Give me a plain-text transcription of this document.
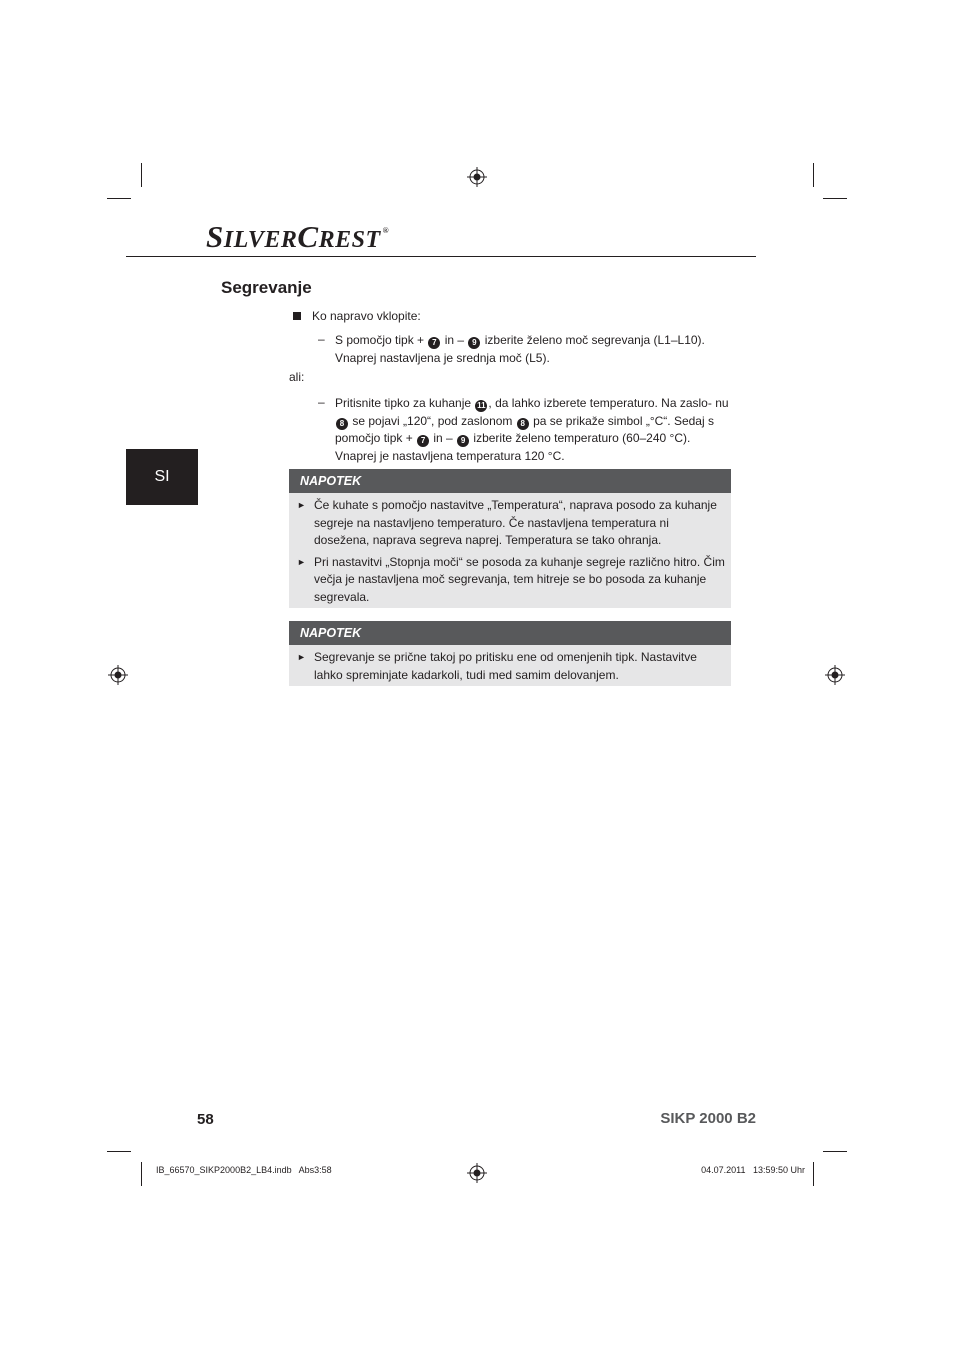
SILVERCREST ®
SI
Segrevanje
Ko napravo vklopite:
– S pomočjo tipk + 7 in – 9 izberite želeno moč segrevanja (L1–L10). Vnaprej nastavljena je srednja moč (L5).
ali:
– Pritisnite tipko za kuhanje 11 , da lahko izberete temperaturo. Na zaslo- nu 8 se pojavi „120“, pod zaslonom 8 pa se prikaže simbol „°C“. Sedaj s pomočjo tipk + 7 in – 9 izberite želeno temperaturo (60–240 °C). Vnaprej je nastavljena temperatura 120 °C.
NAPOTEK
► Če kuhate s pomočjo nastavitve „Temperatura“, naprava posodo za kuhanje segreje na nastavljeno temperaturo. Če nastavljena temperatura ni dosežena, naprava segreva naprej. Temperatura se tako ohranja.
► Pri nastavitvi „Stopnja moči“ se posoda za kuhanje segreje različno hitro. Čim večja je nastavljena moč segrevanja, tem hitreje se bo posoda za kuhanje segrevala.
NAPOTEK
► Segrevanje se prične takoj po pritisku ene od omenjenih tipk. Nastavitve lahko spreminjate kadarkoli, tudi med samim delovanjem.
58	SIKP 2000 B2
IB_66570_SIKP2000B2_LB4.indb   Abs3:58	04.07.2011   13:59:50 Uhr
